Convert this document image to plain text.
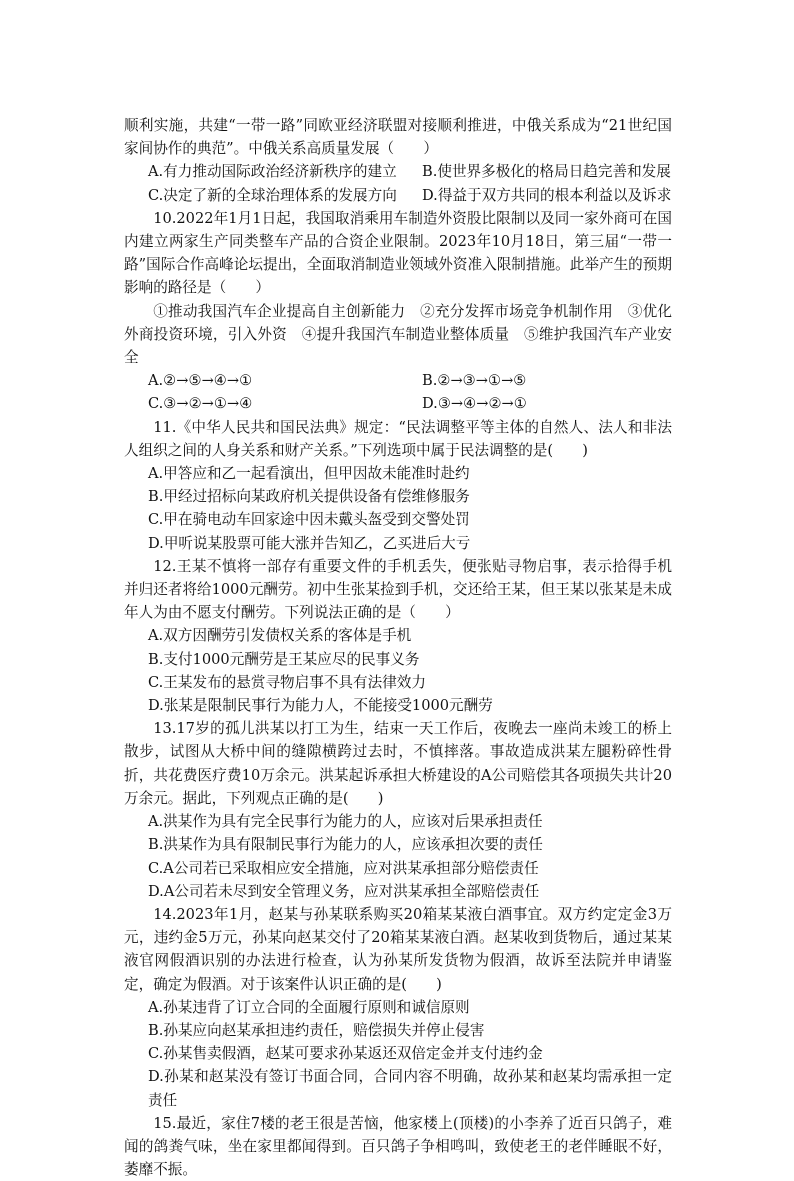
顺利实施，共建“一带一路”同欧亚经济联盟对接顺利推进，中俄关系成为“21世纪国家间协作的典范”。中俄关系高质量发展（　　）

A.有力推动国际政治经济新秩序的建立	B.使世界多极化的格局日趋完善和发展
C.决定了新的全球治理体系的发展方向	D.得益于双方共同的根本利益以及诉求

10.2022年1月1日起，我国取消乘用车制造外资股比限制以及同一家外商可在国内建立两家生产同类整车产品的合资企业限制。2023年10月18日，第三届“一带一路”国际合作高峰论坛提出，全面取消制造业领域外资准入限制措施。此举产生的预期影响的路径是（　　）

①推动我国汽车企业提高自主创新能力　②充分发挥市场竞争机制作用　③优化外商投资环境，引入外资　④提升我国汽车制造业整体质量　⑤维护我国汽车产业安全

A.②→⑤→④→①	B.②→③→①→⑤
C.③→②→①→④	D.③→④→②→①

11.《中华人民共和国民法典》规定：“民法调整平等主体的自然人、法人和非法人组织之间的人身关系和财产关系。”下列选项中属于民法调整的是(　　)

A.甲答应和乙一起看演出，但甲因故未能准时赴约

B.甲经过招标向某政府机关提供设备有偿维修服务

C.甲在骑电动车回家途中因未戴头盔受到交警处罚

D.甲听说某股票可能大涨并告知乙，乙买进后大亏

12.王某不慎将一部存有重要文件的手机丢失，便张贴寻物启事，表示拾得手机并归还者将给1000元酬劳。初中生张某捡到手机，交还给王某，但王某以张某是未成年人为由不愿支付酬劳。下列说法正确的是（　　）

A.双方因酬劳引发债权关系的客体是手机

B.支付1000元酬劳是王某应尽的民事义务

C.王某发布的悬赏寻物启事不具有法律效力

D.张某是限制民事行为能力人，不能接受1000元酬劳

13.17岁的孤儿洪某以打工为生，结束一天工作后，夜晚去一座尚未竣工的桥上散步，试图从大桥中间的缝隙横跨过去时，不慎摔落。事故造成洪某左腿粉碎性骨折，共花费医疗费10万余元。洪某起诉承担大桥建设的A公司赔偿其各项损失共计20万余元。据此，下列观点正确的是(　　)

A.洪某作为具有完全民事行为能力的人，应该对后果承担责任

B.洪某作为具有限制民事行为能力的人，应该承担次要的责任

C.A公司若已采取相应安全措施，应对洪某承担部分赔偿责任

D.A公司若未尽到安全管理义务，应对洪某承担全部赔偿责任

14.2023年1月，赵某与孙某联系购买20箱某某液白酒事宜。双方约定定金3万元，违约金5万元，孙某向赵某交付了20箱某某液白酒。赵某收到货物后，通过某某液官网假酒识别的办法进行检查，认为孙某所发货物为假酒，故诉至法院并申请鉴定，确定为假酒。对于该案件认识正确的是(　　)

A.孙某违背了订立合同的全面履行原则和诚信原则

B.孙某应向赵某承担违约责任，赔偿损失并停止侵害

C.孙某售卖假酒，赵某可要求孙某返还双倍定金并支付违约金

D.孙某和赵某没有签订书面合同，合同内容不明确，故孙某和赵某均需承担一定责任

15.最近，家住7楼的老王很是苦恼，他家楼上(顶楼)的小李养了近百只鸽子，难闻的鸽粪气味，坐在家里都闻得到。百只鸽子争相鸣叫，致使老王的老伴睡眠不好，萎靡不振。
